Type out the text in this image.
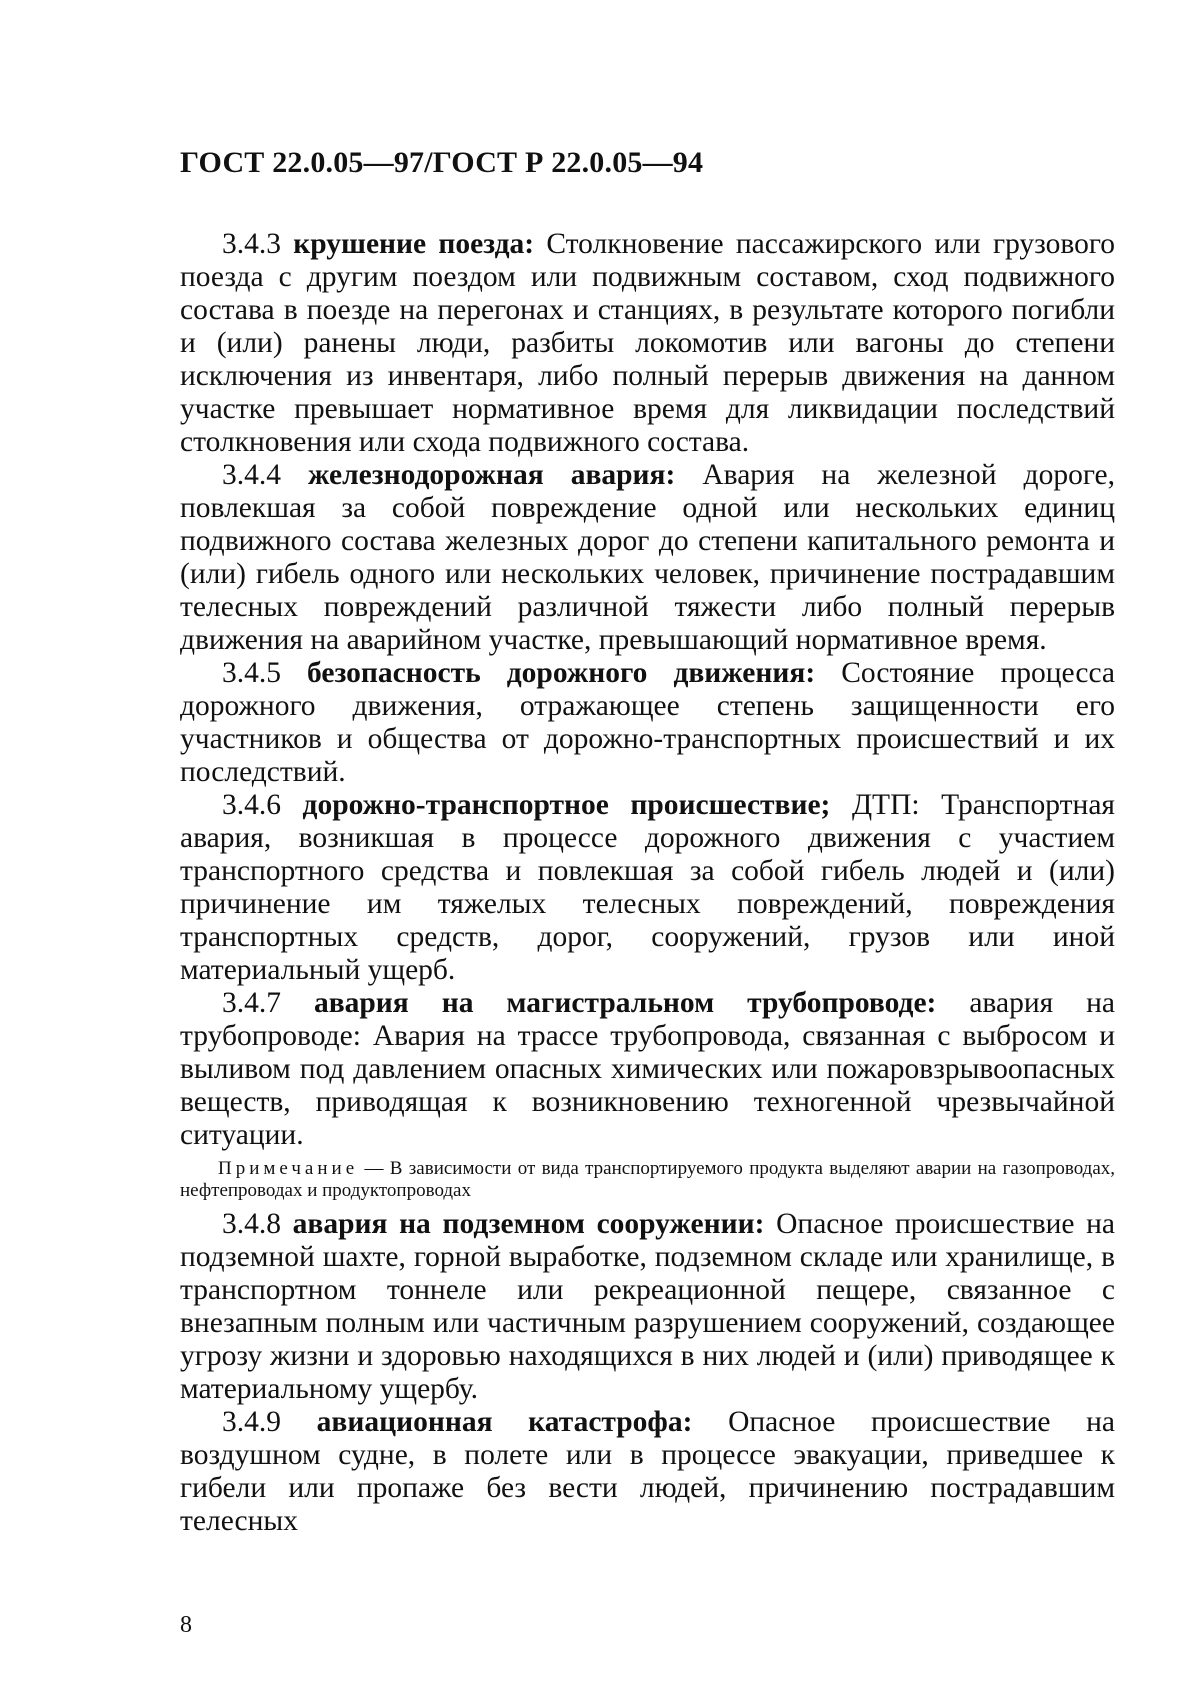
ГОСТ 22.0.05—97/ГОСТ Р 22.0.05—94

3.4.3 крушение поезда: Столкновение пассажирского или грузового поезда с другим поездом или подвижным составом, сход подвижного состава в поезде на перегонах и станциях, в результате которого погибли и (или) ранены люди, разбиты локомотив или вагоны до степени исключения из инвентаря, либо полный перерыв движения на данном участке превышает нормативное время для ликвидации последствий столкновения или схода подвижного состава.

3.4.4 железнодорожная авария: Авария на железной дороге, повлекшая за собой повреждение одной или нескольких единиц подвижного состава железных дорог до степени капитального ремонта и (или) гибель одного или нескольких человек, причинение пострадавшим телесных повреждений различной тяжести либо полный перерыв движения на аварийном участке, превышающий нормативное время.

3.4.5 безопасность дорожного движения: Состояние процесса дорожного движения, отражающее степень защищенности его участников и общества от дорожно-транспортных происшествий и их последствий.

3.4.6 дорожно-транспортное происшествие; ДТП: Транспортная авария, возникшая в процессе дорожного движения с участием транспортного средства и повлекшая за собой гибель людей и (или) причинение им тяжелых телесных повреждений, повреждения транспортных средств, дорог, сооружений, грузов или иной материальный ущерб.

3.4.7 авария на магистральном трубопроводе: авария на трубопроводе: Авария на трассе трубопровода, связанная с выбросом и выливом под давлением опасных химических или пожаровзрывоопасных веществ, приводящая к возникновению техногенной чрезвычайной ситуации.

Примечание — В зависимости от вида транспортируемого продукта выделяют аварии на газопроводах, нефтепроводах и продуктопроводах

3.4.8 авария на подземном сооружении: Опасное происшествие на подземной шахте, горной выработке, подземном складе или хранилище, в транспортном тоннеле или рекреационной пещере, связанное с внезапным полным или частичным разрушением сооружений, создающее угрозу жизни и здоровью находящихся в них людей и (или) приводящее к материальному ущербу.

3.4.9 авиационная катастрофа: Опасное происшествие на воздушном судне, в полете или в процессе эвакуации, приведшее к гибели или пропаже без вести людей, причинению пострадавшим телесных

8
